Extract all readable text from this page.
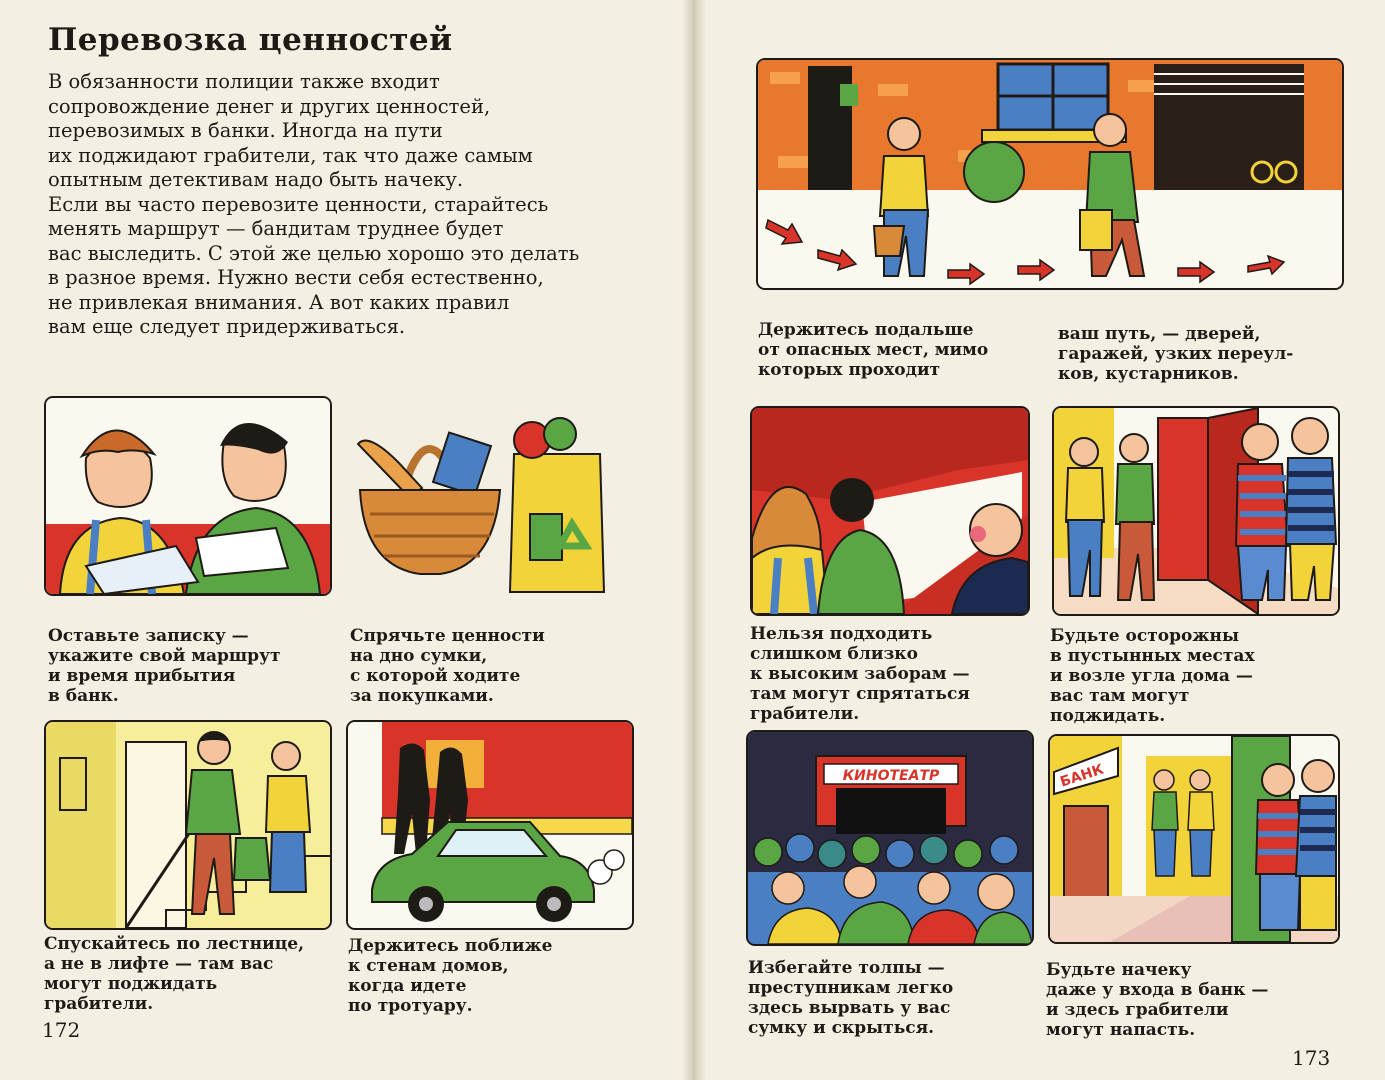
Перевозка ценностей
В обязанности полиции также входит
сопровождение денег и других ценностей,
перевозимых в банки. Иногда на пути
их поджидают грабители, так что даже самым
опытным детективам надо быть начеку.
Если вы часто перевозите ценности, старайтесь
менять маршрут — бандитам труднее будет
вас выследить. С этой же целью хорошо это делать
в разное время. Нужно вести себя естественно,
не привлекая внимания. А вот каких правил
вам еще следует придерживаться.
Оставьте записку —
укажите свой маршрут
и время прибытия
в банк.
Спрячьте ценности
на дно сумки,
с которой ходите
за покупками.
Спускайтесь по лестнице,
а не в лифте — там вас
могут поджидать
грабители.
Держитесь поближе
к стенам домов,
когда идете
по тротуару.
172
Держитесь подальше
от опасных мест, мимо
которых проходит
ваш путь, — дверей,
гаражей, узких переул-
ков, кустарников.
Нельзя подходить
слишком близко
к высоким заборам —
там могут спрятаться
грабители.
Будьте осторожны
в пустынных местах
и возле угла дома —
вас там могут
поджидать.
КИНОТЕАТР	БАНК
Избегайте толпы —
преступникам легко
здесь вырвать у вас
сумку и скрыться.
Будьте начеку
даже у входа в банк —
и здесь грабители
могут напасть.
173
